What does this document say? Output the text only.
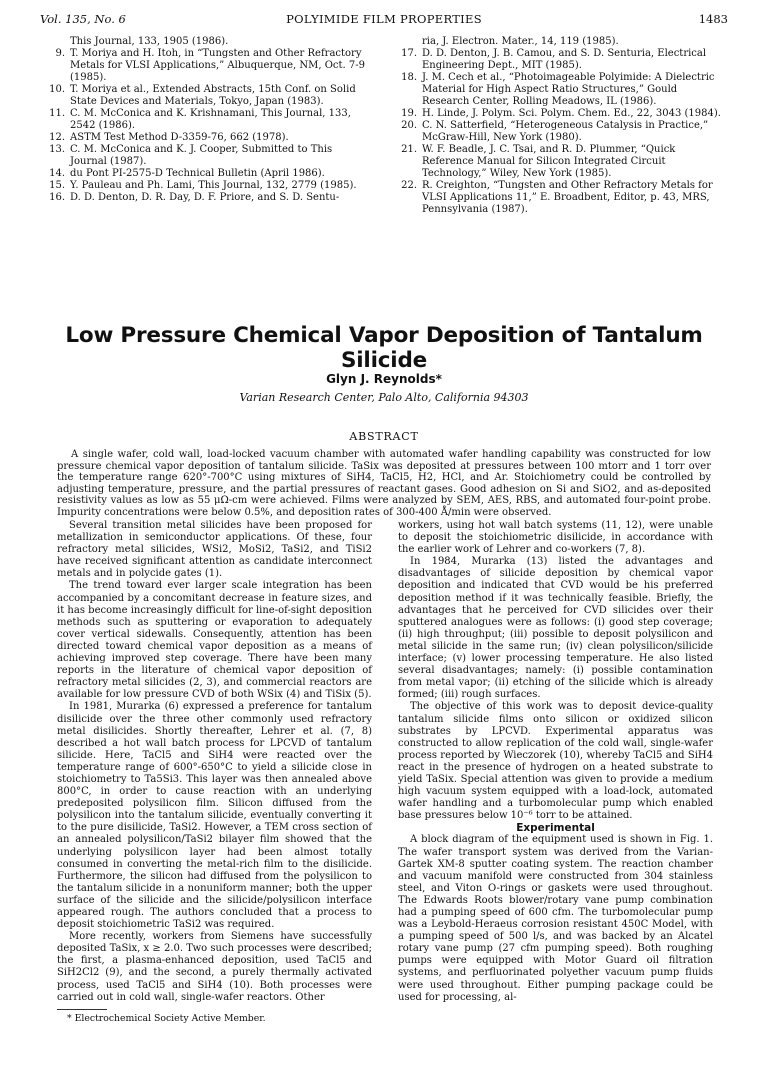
Vol. 135, No. 6	POLYIMIDE FILM PROPERTIES	1483
This Journal, 133, 1905 (1986).
9. T. Moriya and H. Itoh, in “Tungsten and Other Refractory Metals for VLSI Applications,” Albuquerque, NM, Oct. 7-9 (1985).
10. T. Moriya et al., Extended Abstracts, 15th Conf. on Solid State Devices and Materials, Tokyo, Japan (1983).
11. C. M. McConica and K. Krishnamani, This Journal, 133, 2542 (1986).
12. ASTM Test Method D-3359-76, 662 (1978).
13. C. M. McConica and K. J. Cooper, Submitted to This Journal (1987).
14. du Pont PI-2575-D Technical Bulletin (April 1986).
15. Y. Pauleau and Ph. Lami, This Journal, 132, 2779 (1985).
16. D. D. Denton, D. R. Day, D. F. Priore, and S. D. Sentu-
ria, J. Electron. Mater., 14, 119 (1985).
17. D. D. Denton, J. B. Camou, and S. D. Senturia, Electrical Engineering Dept., MIT (1985).
18. J. M. Cech et al., “Photoimageable Polyimide: A Dielectric Material for High Aspect Ratio Structures,” Gould Research Center, Rolling Meadows, IL (1986).
19. H. Linde, J. Polym. Sci. Polym. Chem. Ed., 22, 3043 (1984).
20. C. N. Satterfield, “Heterogeneous Catalysis in Practice,” McGraw-Hill, New York (1980).
21. W. F. Beadle, J. C. Tsai, and R. D. Plummer, “Quick Reference Manual for Silicon Integrated Circuit Technology,” Wiley, New York (1985).
22. R. Creighton, “Tungsten and Other Refractory Metals for VLSI Applications 11,” E. Broadbent, Editor, p. 43, MRS, Pennsylvania (1987).
Low Pressure Chemical Vapor Deposition of Tantalum Silicide
Glyn J. Reynolds*
Varian Research Center, Palo Alto, California 94303
ABSTRACT
A single wafer, cold wall, load-locked vacuum chamber with automated wafer handling capability was constructed for low pressure chemical vapor deposition of tantalum silicide. TaSix was deposited at pressures between 100 mtorr and 1 torr over the temperature range 620°-700°C using mixtures of SiH4, TaCl5, H2, HCl, and Ar. Stoichiometry could be controlled by adjusting temperature, pressure, and the partial pressures of reactant gases. Good adhesion on Si and SiO2, and as-deposited resistivity values as low as 55 μΩ-cm were achieved. Films were analyzed by SEM, AES, RBS, and automated four-point probe. Impurity concentrations were below 0.5%, and deposition rates of 300-400 Å/min were observed.

Several transition metal silicides have been proposed for metallization in semiconductor applications. Of these, four refractory metal silicides, WSi2, MoSi2, TaSi2, and TiSi2 have received significant attention as candidate interconnect metals and in polycide gates (1).

The trend toward ever larger scale integration has been accompanied by a concomitant decrease in feature sizes, and it has become increasingly difficult for line-of-sight deposition methods such as sputtering or evaporation to adequately cover vertical sidewalls. Consequently, attention has been directed toward chemical vapor deposition as a means of achieving improved step coverage. There have been many reports in the literature of chemical vapor deposition of refractory metal silicides (2, 3), and commercial reactors are available for low pressure CVD of both WSix (4) and TiSix (5).

In 1981, Murarka (6) expressed a preference for tantalum disilicide over the three other commonly used refractory metal disilicides. Shortly thereafter, Lehrer et al. (7, 8) described a hot wall batch process for LPCVD of tantalum silicide. Here, TaCl5 and SiH4 were reacted over the temperature range of 600°-650°C to yield a silicide close in stoichiometry to Ta5Si3. This layer was then annealed above 800°C, in order to cause reaction with an underlying predeposited polysilicon film. Silicon diffused from the polysilicon into the tantalum silicide, eventually converting it to the pure disilicide, TaSi2. However, a TEM cross section of an annealed polysilicon/TaSi2 bilayer film showed that the underlying polysilicon layer had been almost totally consumed in converting the metal-rich film to the disilicide. Furthermore, the silicon had diffused from the polysilicon to the tantalum silicide in a nonuniform manner; both the upper surface of the silicide and the silicide/polysilicon interface appeared rough. The authors concluded that a process to deposit stoichiometric TaSi2 was required.

More recently, workers from Siemens have successfully deposited TaSix, x ≥ 2.0. Two such processes were described; the first, a plasma-enhanced deposition, used TaCl5 and SiH2Cl2 (9), and the second, a purely thermally activated process, used TaCl5 and SiH4 (10). Both processes were carried out in cold wall, single-wafer reactors. Other

* Electrochemical Society Active Member.

workers, using hot wall batch systems (11, 12), were unable to deposit the stoichiometric disilicide, in accordance with the earlier work of Lehrer and co-workers (7, 8).

In 1984, Murarka (13) listed the advantages and disadvantages of silicide deposition by chemical vapor deposition and indicated that CVD would be his preferred deposition method if it was technically feasible. Briefly, the advantages that he perceived for CVD silicides over their sputtered analogues were as follows: (i) good step coverage; (ii) high throughput; (iii) possible to deposit polysilicon and metal silicide in the same run; (iv) clean polysilicon/silicide interface; (v) lower processing temperature. He also listed several disadvantages; namely: (i) possible contamination from metal vapor; (ii) etching of the silicide which is already formed; (iii) rough surfaces.

The objective of this work was to deposit device-quality tantalum silicide films onto silicon or oxidized silicon substrates by LPCVD. Experimental apparatus was constructed to allow replication of the cold wall, single-wafer process reported by Wieczorek (10), whereby TaCl5 and SiH4 react in the presence of hydrogen on a heated substrate to yield TaSix. Special attention was given to provide a medium high vacuum system equipped with a load-lock, automated wafer handling and a turbomolecular pump which enabled base pressures below 10⁻⁶ torr to be attained.

Experimental

A block diagram of the equipment used is shown in Fig. 1. The wafer transport system was derived from the Varian-Gartek XM-8 sputter coating system. The reaction chamber and vacuum manifold were constructed from 304 stainless steel, and Viton O-rings or gaskets were used throughout. The Edwards Roots blower/rotary vane pump combination had a pumping speed of 600 cfm. The turbomolecular pump was a Leybold-Heraeus corrosion resistant 450C Model, with a pumping speed of 500 l/s, and was backed by an Alcatel rotary vane pump (27 cfm pumping speed). Both roughing pumps were equipped with Motor Guard oil filtration systems, and perfluorinated polyether vacuum pump fluids were used throughout. Either pumping package could be used for processing, al-
